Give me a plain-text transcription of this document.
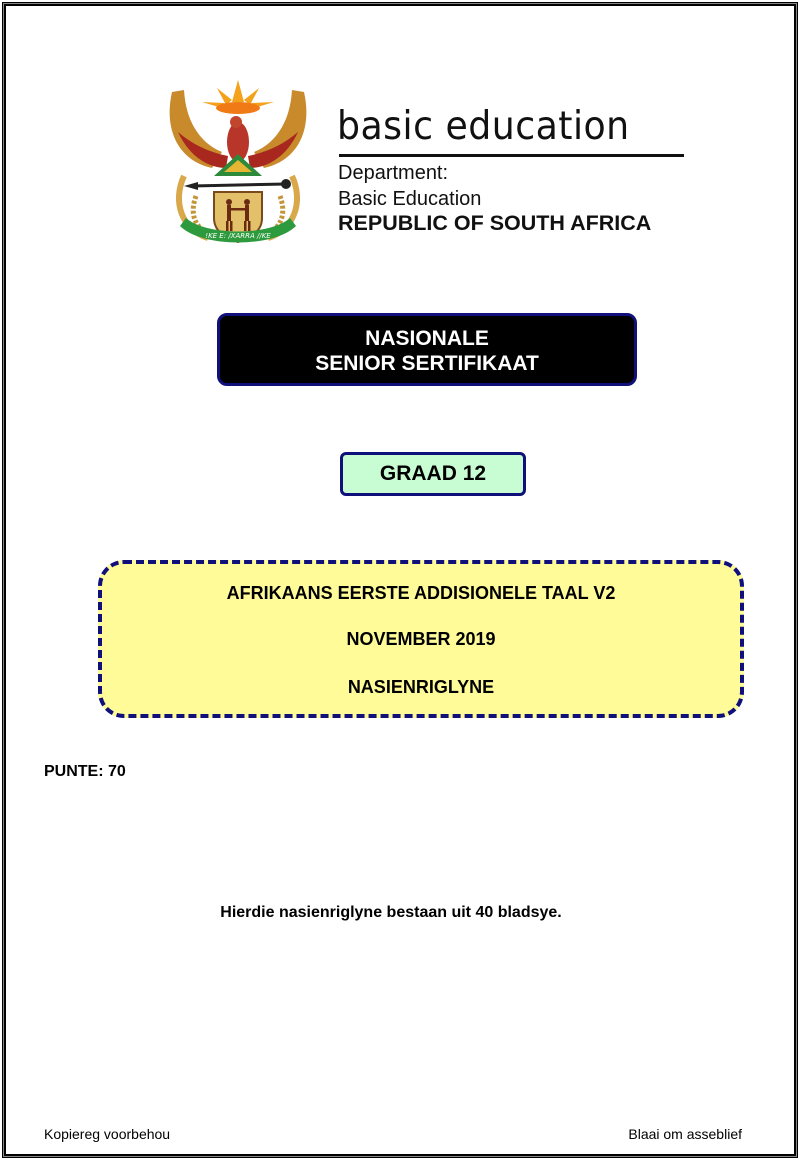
!KE E: /XARRA //KE
basic education
Department:
Basic Education
REPUBLIC OF SOUTH AFRICA
NASIONALE
SENIOR SERTIFIKAAT
GRAAD 12
AFRIKAANS EERSTE ADDISIONELE TAAL V2
NOVEMBER 2019
NASIENRIGLYNE
PUNTE: 70
Hierdie nasienriglyne bestaan uit 40 bladsye.
Kopiereg voorbehou	Blaai om asseblief
